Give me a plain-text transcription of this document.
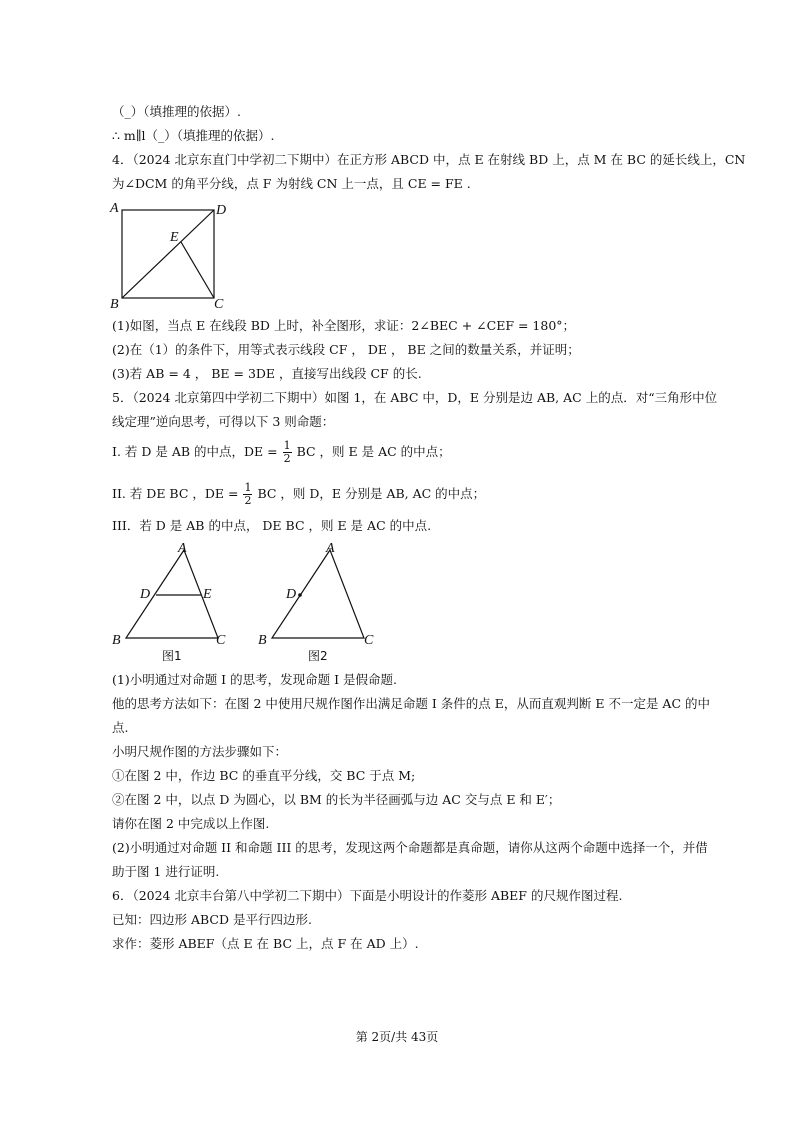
（_）（填推理的依据）.
∴ m∥l（_）（填推理的依据）.
4．（2024 北京东直门中学初二下期中）在正方形 ABCD 中，点 E 在射线 BD 上，点 M 在 BC 的延长线上，CN
为∠DCM 的角平分线，点 F 为射线 CN 上一点，且 CE = FE .
A	D
E
B	C
(1)如图，当点 E 在线段 BD 上时，补全图形，求证：2∠BEC + ∠CEF = 180°；
(2)在（1）的条件下，用等式表示线段 CF ， DE ， BE 之间的数量关系，并证明；
(3)若 AB = 4 ， BE = 3DE ，直接写出线段 CF 的长.
5．（2024 北京第四中学初二下期中）如图 1，在 ABC 中，D，E 分别是边 AB, AC 上的点．对“三角形中位
线定理”逆向思考，可得以下 3 则命题：
I. 若 D 是 AB 的中点，DE = $\frac{1}{2}$ BC ，则 E 是 AC 的中点；
II. 若 DE BC ，DE = $\frac{1}{2}$ BC ，则 D，E 分别是 AB, AC 的中点；
III．若 D 是 AB 的中点， DE BC ，则 E 是 AC 的中点.
A
D	E
B	C
图1
A
D
B	C
图2
(1)小明通过对命题 I 的思考，发现命题 I 是假命题.
他的思考方法如下：在图 2 中使用尺规作图作出满足命题 I 条件的点 E，从而直观判断 E 不一定是 AC 的中
点.
小明尺规作图的方法步骤如下：
①在图 2 中，作边 BC 的垂直平分线，交 BC 于点 M;
②在图 2 中，以点 D 为圆心，以 BM 的长为半径画弧与边 AC 交与点 E 和 E′；
请你在图 2 中完成以上作图.
(2)小明通过对命题 II 和命题 III 的思考，发现这两个命题都是真命题，请你从这两个命题中选择一个，并借
助于图 1 进行证明.
6．（2024 北京丰台第八中学初二下期中）下面是小明设计的作菱形 ABEF 的尺规作图过程.
已知：四边形 ABCD 是平行四边形.
求作：菱形 ABEF（点 E 在 BC 上，点 F 在 AD 上）.
第 2页/共 43页
